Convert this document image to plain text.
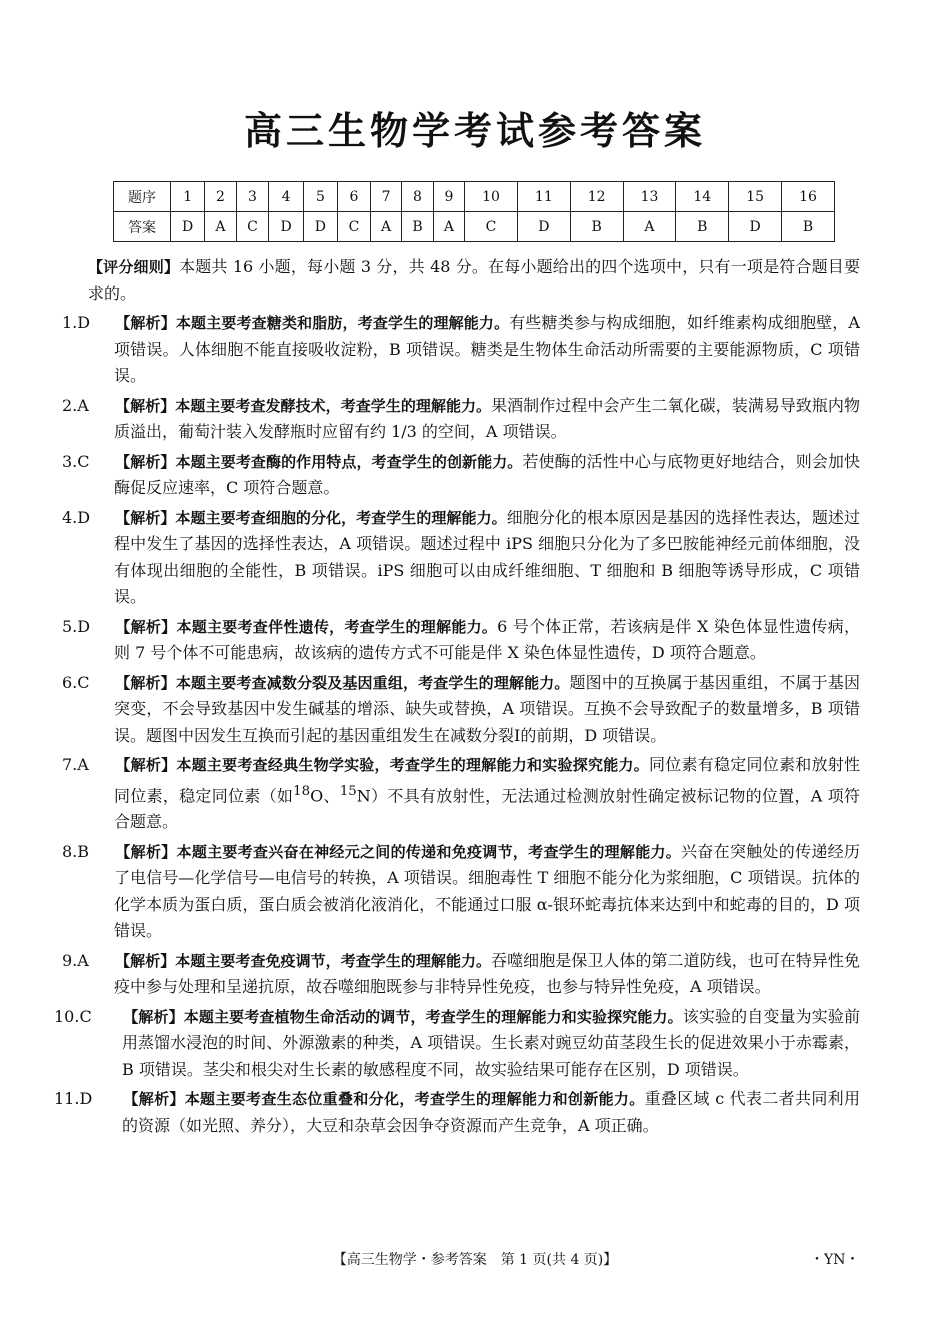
高三生物学考试参考答案
题序	1	2	3	4	5	6	7	8	9	10	11	12	13	14	15	16
答案	D	A	C	D	D	C	A	B	A	C	D	B	A	B	D	B

【评分细则】本题共 16 小题，每小题 3 分，共 48 分。在每小题给出的四个选项中，只有一项是符合题目要求的。

1.D 【解析】本题主要考查糖类和脂肪，考查学生的理解能力。有些糖类参与构成细胞，如纤维素构成细胞壁，A 项错误。人体细胞不能直接吸收淀粉，B 项错误。糖类是生物体生命活动所需要的主要能源物质，C 项错误。

2.A 【解析】本题主要考查发酵技术，考查学生的理解能力。果酒制作过程中会产生二氧化碳，装满易导致瓶内物质溢出，葡萄汁装入发酵瓶时应留有约 1/3 的空间，A 项错误。

3.C 【解析】本题主要考查酶的作用特点，考查学生的创新能力。若使酶的活性中心与底物更好地结合，则会加快酶促反应速率，C 项符合题意。

4.D 【解析】本题主要考查细胞的分化，考查学生的理解能力。细胞分化的根本原因是基因的选择性表达，题述过程中发生了基因的选择性表达，A 项错误。题述过程中 iPS 细胞只分化为了多巴胺能神经元前体细胞，没有体现出细胞的全能性，B 项错误。iPS 细胞可以由成纤维细胞、T 细胞和 B 细胞等诱导形成，C 项错误。

5.D 【解析】本题主要考查伴性遗传，考查学生的理解能力。6 号个体正常，若该病是伴 X 染色体显性遗传病，则 7 号个体不可能患病，故该病的遗传方式不可能是伴 X 染色体显性遗传，D 项符合题意。

6.C 【解析】本题主要考查减数分裂及基因重组，考查学生的理解能力。题图中的互换属于基因重组，不属于基因突变，不会导致基因中发生碱基的增添、缺失或替换，A 项错误。互换不会导致配子的数量增多，B 项错误。题图中因发生互换而引起的基因重组发生在减数分裂Ⅰ的前期，D 项错误。

7.A 【解析】本题主要考查经典生物学实验，考查学生的理解能力和实验探究能力。同位素有稳定同位素和放射性同位素，稳定同位素（如$^{18}$O、$^{15}$N）不具有放射性，无法通过检测放射性确定被标记物的位置，A 项符合题意。

8.B 【解析】本题主要考查兴奋在神经元之间的传递和免疫调节，考查学生的理解能力。兴奋在突触处的传递经历了电信号—化学信号—电信号的转换，A 项错误。细胞毒性 T 细胞不能分化为浆细胞，C 项错误。抗体的化学本质为蛋白质，蛋白质会被消化液消化，不能通过口服 α-银环蛇毒抗体来达到中和蛇毒的目的，D 项错误。

9.A 【解析】本题主要考查免疫调节，考查学生的理解能力。吞噬细胞是保卫人体的第二道防线，也可在特异性免疫中参与处理和呈递抗原，故吞噬细胞既参与非特异性免疫，也参与特异性免疫，A 项错误。

10.C 【解析】本题主要考查植物生命活动的调节，考查学生的理解能力和实验探究能力。该实验的自变量为实验前用蒸馏水浸泡的时间、外源激素的种类，A 项错误。生长素对豌豆幼苗茎段生长的促进效果小于赤霉素，B 项错误。茎尖和根尖对生长素的敏感程度不同，故实验结果可能存在区别，D 项错误。

11.D 【解析】本题主要考查生态位重叠和分化，考查学生的理解能力和创新能力。重叠区域 c 代表二者共同利用的资源（如光照、养分），大豆和杂草会因争夺资源而产生竞争，A 项正确。

【高三生物学・参考答案　第 1 页(共 4 页)】	・YN・
